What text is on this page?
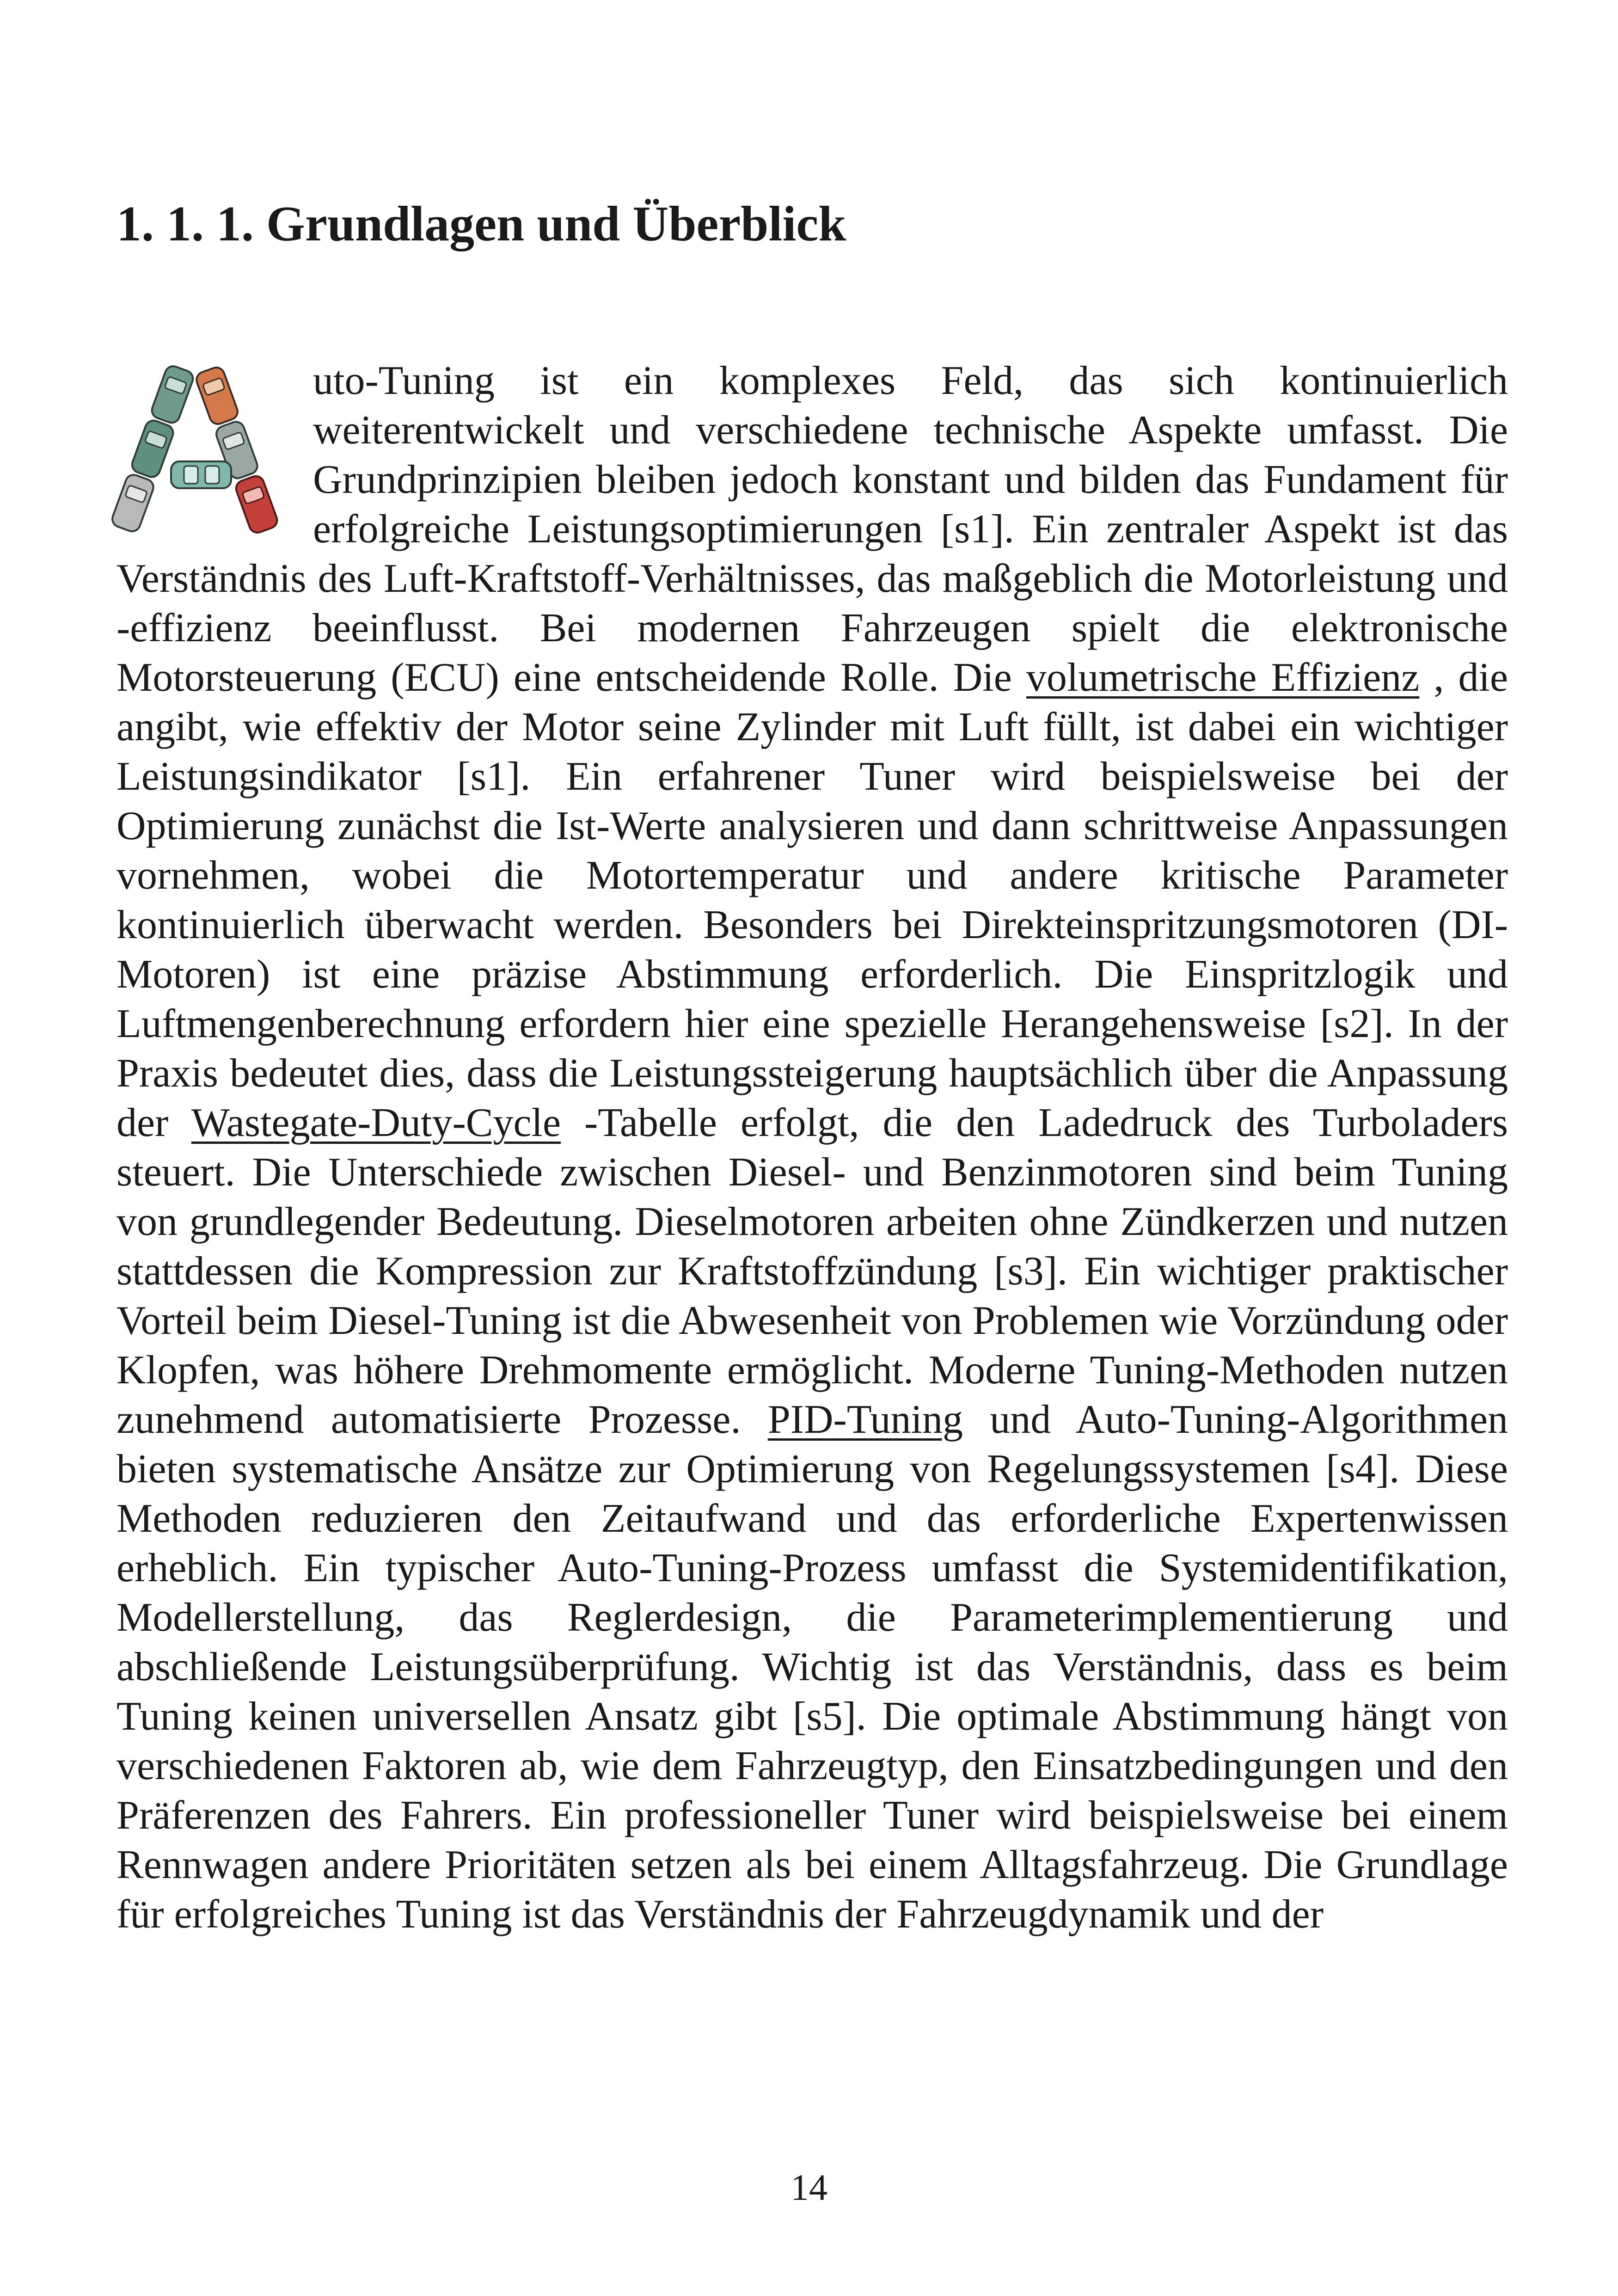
1. 1. 1. Grundlagen und Überblick

uto-Tuning ist ein komplexes Feld, das sich kontinuierlich weiterentwickelt und verschiedene technische Aspekte umfasst. Die Grundprinzipien bleiben jedoch konstant und bilden das Fundament für erfolgreiche Leistungsoptimierungen [s1]. Ein zentraler Aspekt ist das Verständnis des Luft-Kraftstoff-Verhältnisses, das maßgeblich die Motorleistung und -effizienz beeinflusst. Bei modernen Fahrzeugen spielt die elektronische Motorsteuerung (ECU) eine entscheidende Rolle. Die volumetrische Effizienz , die angibt, wie effektiv der Motor seine Zylinder mit Luft füllt, ist dabei ein wichtiger Leistungsindikator [s1]. Ein erfahrener Tuner wird beispielsweise bei der Optimierung zunächst die Ist-Werte analysieren und dann schrittweise Anpassungen vornehmen, wobei die Motortemperatur und andere kritische Parameter kontinuierlich überwacht werden. Besonders bei Direkteinspritzungsmotoren (DI-Motoren) ist eine präzise Abstimmung erforderlich. Die Einspritzlogik und Luftmengenberechnung erfordern hier eine spezielle Herangehensweise [s2]. In der Praxis bedeutet dies, dass die Leistungssteigerung hauptsächlich über die Anpassung der Wastegate-Duty-Cycle -Tabelle erfolgt, die den Ladedruck des Turboladers steuert. Die Unterschiede zwischen Diesel- und Benzinmotoren sind beim Tuning von grundlegender Bedeutung. Dieselmotoren arbeiten ohne Zündkerzen und nutzen stattdessen die Kompression zur Kraftstoffzündung [s3]. Ein wichtiger praktischer Vorteil beim Diesel-Tuning ist die Abwesenheit von Problemen wie Vorzündung oder Klopfen, was höhere Drehmomente ermöglicht. Moderne Tuning-Methoden nutzen zunehmend automatisierte Prozesse. PID-Tuning und Auto-Tuning-Algorithmen bieten systematische Ansätze zur Optimierung von Regelungssystemen [s4]. Diese Methoden reduzieren den Zeitaufwand und das erforderliche Expertenwissen erheblich. Ein typischer Auto-Tuning-Prozess umfasst die Systemidentifikation, Modellerstellung, das Reglerdesign, die Parameterimplementierung und abschließende Leistungsüberprüfung. Wichtig ist das Verständnis, dass es beim Tuning keinen universellen Ansatz gibt [s5]. Die optimale Abstimmung hängt von verschiedenen Faktoren ab, wie dem Fahrzeugtyp, den Einsatzbedingungen und den Präferenzen des Fahrers. Ein professioneller Tuner wird beispielsweise bei einem Rennwagen andere Prioritäten setzen als bei einem Alltagsfahrzeug. Die Grundlage für erfolgreiches Tuning ist das Verständnis der Fahrzeugdynamik und der

14
